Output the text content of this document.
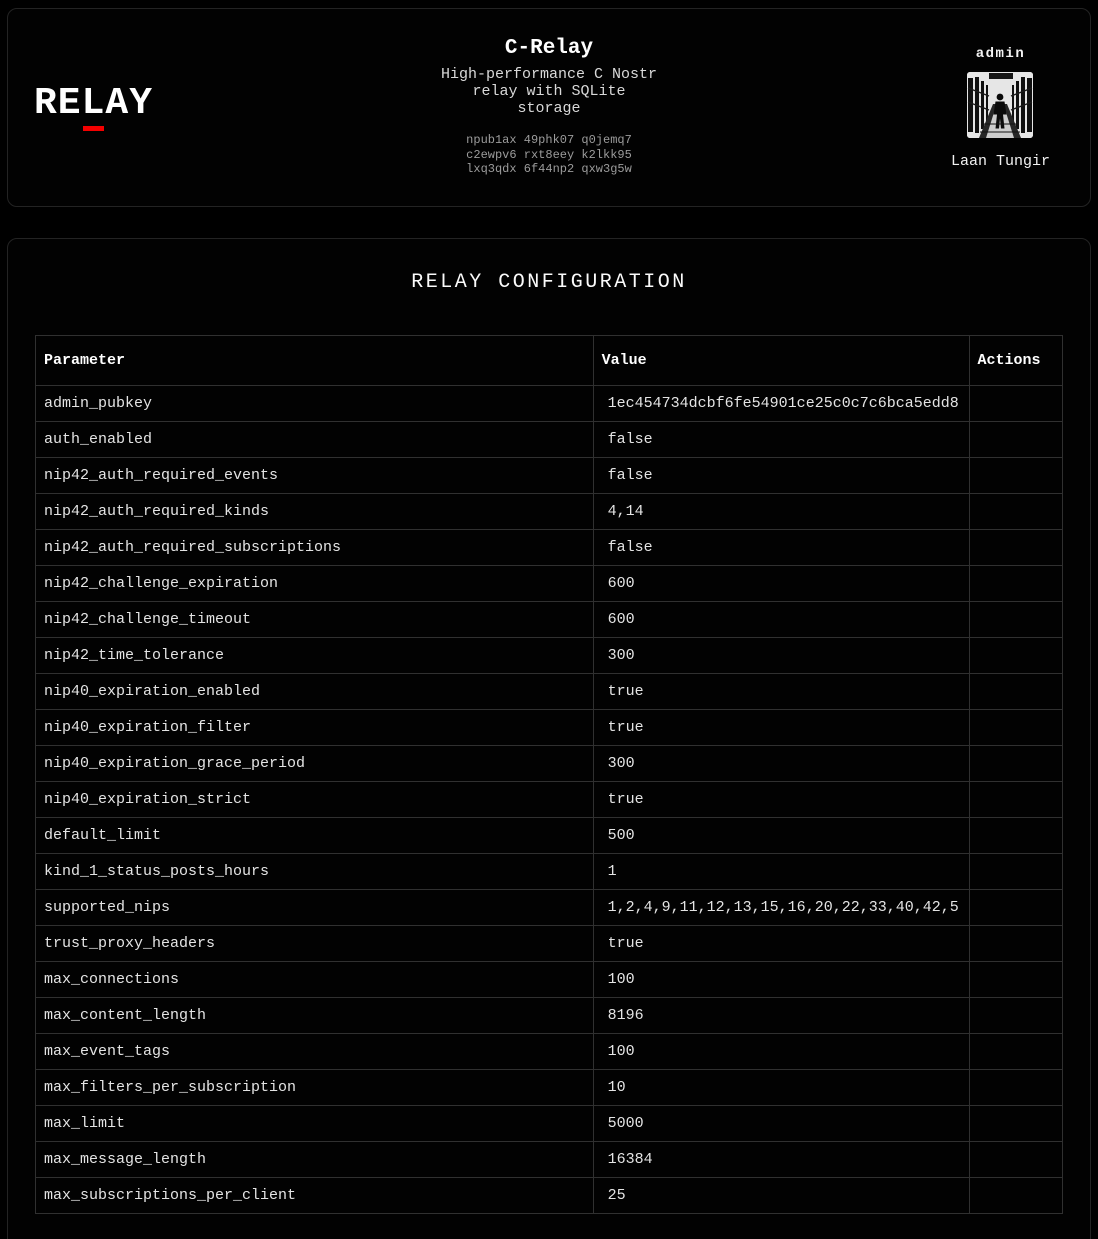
RELAY
C-Relay

High-performance C Nostr relay with SQLite storage

npub1ax 49phk07 q0jemq7
c2ewpv6 rxt8eey k2lkk95
lxq3qdx 6f44np2 qxw3g5w
admin
Laan Tungir
RELAY CONFIGURATION
Parameter	Value	Actions
admin_pubkey	1ec454734dcbf6fe54901ce25c0c7c6bca5edd8	
auth_enabled	false	
nip42_auth_required_events	false	
nip42_auth_required_kinds	4,14	
nip42_auth_required_subscriptions	false	
nip42_challenge_expiration	600	
nip42_challenge_timeout	600	
nip42_time_tolerance	300	
nip40_expiration_enabled	true	
nip40_expiration_filter	true	
nip40_expiration_grace_period	300	
nip40_expiration_strict	true	
default_limit	500	
kind_1_status_posts_hours	1	
supported_nips	1,2,4,9,11,12,13,15,16,20,22,33,40,42,5	
trust_proxy_headers	true	
max_connections	100	
max_content_length	8196	
max_event_tags	100	
max_filters_per_subscription	10	
max_limit	5000	
max_message_length	16384	
max_subscriptions_per_client	25	
